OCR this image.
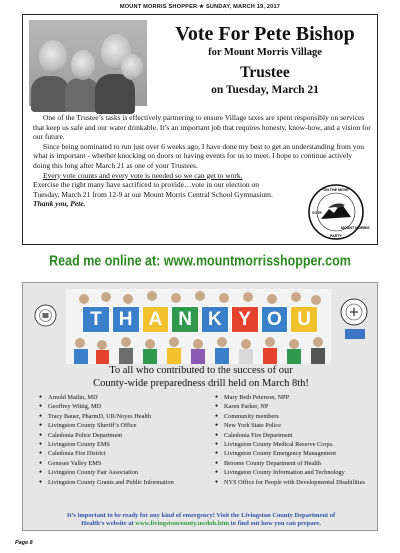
MOUNT MORRIS SHOPPER ★ SUNDAY, MARCH 19, 2017
Vote For Pete Bishop
for Mount Morris Village
Trustee
on Tuesday, March 21

One of the Trustee’s tasks is effectively partnering to ensure Village taxes are spent responsibly on services that keep us safe and our water drinkable. It’s an important job that requires honesty, know-how, and a vision for our future.

Since being nominated to run just over 6 weeks ago, I have done my best to get an understanding from you what is important - whether knocking on doors or having events for us to meet. I hope to continue actively doing this long after March 21 as one of your Trustees.

Every vote counts and every vote is needed so we can get to work.

Exercise the right many have sacrificed to provide…vote in our election on Tuesday, March 21 from 12-9 at our Mount Morris Central School Gymnasium. Thank you, Pete.

“ON THE MOVE”
PARTY
VOTE
MOUNT MORRIS
Read me online at: www.mountmorrisshopper.com
T H A N K Y O U
To all who contributed to the success of our
County-wide preparedness drill held on March 8th!
● Arnold Matlin, MD
● Geoffrey Wittig, MD
● Tracy Bauer, PharmD, UR/Noyes Health
● Livingston County Sheriff’s Office
● Caledonia Police Department
● Livingston County EMS
● Caledonia Fire District
● Genesee Valley EMS
● Livingston County Fair Association
● Livingston County Grants and Public Information
● Mary Beth Peterson, NPP
● Karen Parker, NP
● Community members
● New York State Police
● Caledonia Fire Department
● Livingston County Medical Reserve Corps.
● Livingston County Emergency Management
● Broome County Department of Health
● Livingston County Information and Technology
● NYS Office for People with Developmental Disabilities
It’s important to be ready for any kind of emergency! Visit the Livingston County Department of
Health’s website at www.livingstoncounty.us/doh.htm to find out how you can prepare.
Page 8
